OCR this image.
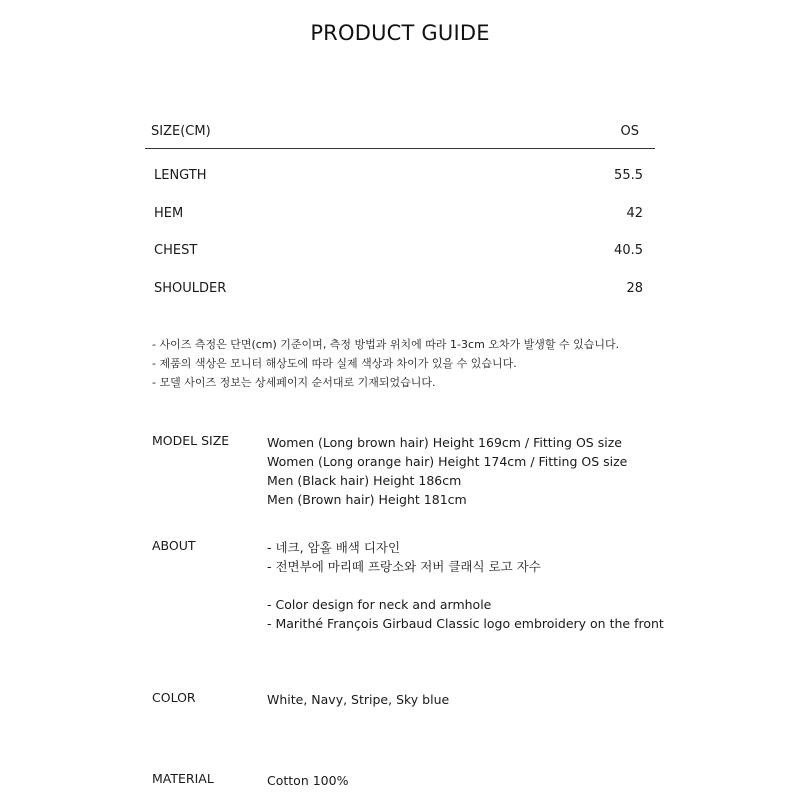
PRODUCT GUIDE
SIZE(CM)	OS
LENGTH	55.5
HEM	42
CHEST	40.5
SHOULDER	28
- 사이즈 측정은 단면(cm) 기준이며, 측정 방법과 위치에 따라 1-3cm 오차가 발생할 수 있습니다.
- 제품의 색상은 모니터 해상도에 따라 실제 색상과 차이가 있을 수 있습니다.
- 모델 사이즈 정보는 상세페이지 순서대로 기재되었습니다.
MODEL SIZE	Women (Long brown hair) Height 169cm / Fitting OS size
Women (Long orange hair) Height 174cm / Fitting OS size
Men (Black hair) Height 186cm
Men (Brown hair) Height 181cm
ABOUT	- 네크, 암홀 배색 디자인
- 전면부에 마리떼 프랑소와 저버 클래식 로고 자수
- Color design for neck and armhole
- Marithé François Girbaud Classic logo embroidery on the front
COLOR	White, Navy, Stripe, Sky blue
MATERIAL	Cotton 100%
